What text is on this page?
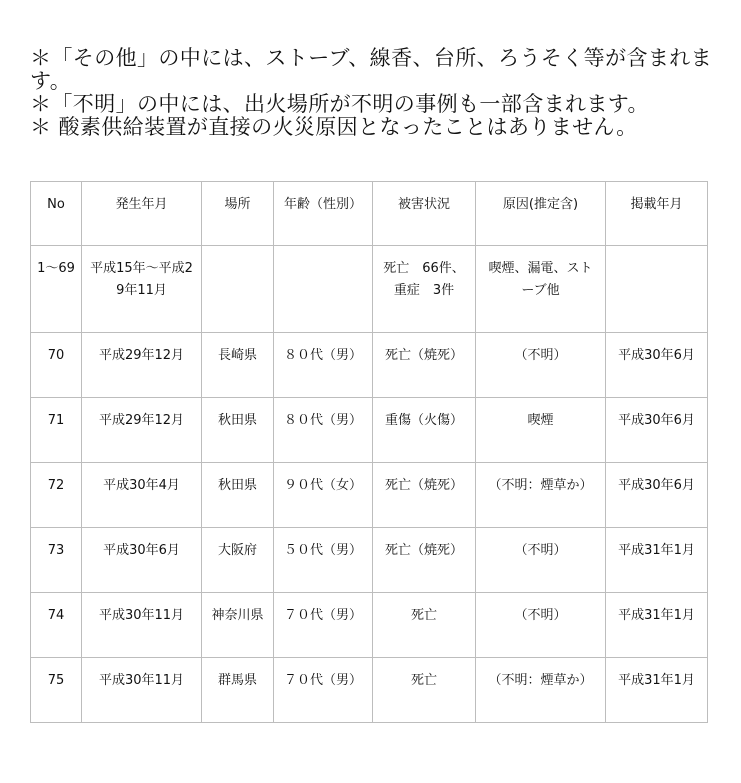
＊「その他」の中には、ストーブ、線香、台所、ろうそく等が含まれます。
＊「不明」の中には、出火場所が不明の事例も一部含まれます。
＊ 酸素供給装置が直接の火災原因となったことはありません。
No	発生年月	場所	年齢（性別）	被害状況	原因(推定含)	掲載年月
1〜69	平成15年〜平成29年11月			死亡　66件、重症　3件	喫煙、漏電、ストーブ他	
70	平成29年12月	長崎県	８０代（男）	死亡（焼死）	（不明）	平成30年6月
71	平成29年12月	秋田県	８０代（男）	重傷（火傷）	喫煙	平成30年6月
72	平成30年4月	秋田県	９０代（女）	死亡（焼死）	（不明：煙草か）	平成30年6月
73	平成30年6月	大阪府	５０代（男）	死亡（焼死）	（不明）	平成31年1月
74	平成30年11月	神奈川県	７０代（男）	死亡	（不明）	平成31年1月
75	平成30年11月	群馬県	７０代（男）	死亡	（不明：煙草か）	平成31年1月
